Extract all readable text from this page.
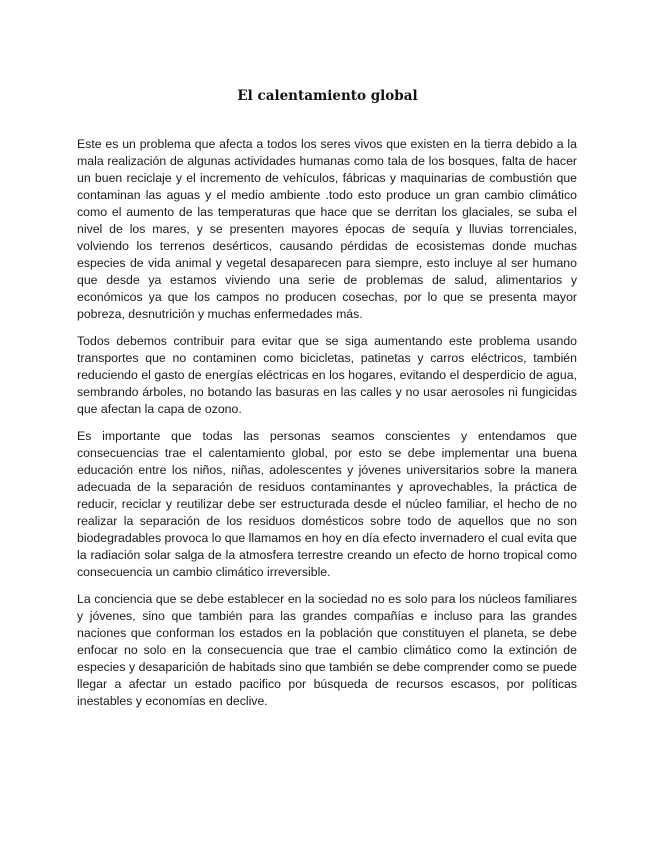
El calentamiento global

Este es un problema que afecta a todos los seres vivos que existen en la tierra debido a la mala realización de algunas actividades humanas como tala de los bosques, falta de hacer un buen reciclaje y el incremento de vehículos, fábricas y maquinarias de combustión que contaminan las aguas y el medio ambiente .todo esto produce un gran cambio climático como el aumento de las temperaturas que hace que se derritan los glaciales, se suba el nivel de los mares, y se presenten mayores épocas de sequía y lluvias torrenciales, volviendo los terrenos desérticos, causando pérdidas de ecosistemas donde muchas especies de vida animal y vegetal desaparecen para siempre, esto incluye al ser humano que desde ya estamos viviendo una serie de problemas de salud, alimentarios y económicos ya que los campos no producen cosechas, por lo que se presenta mayor pobreza, desnutrición y muchas enfermedades más.

Todos debemos contribuir para evitar que se siga aumentando este problema usando transportes que no contaminen como bicicletas, patinetas y carros eléctricos, también reduciendo el gasto de energías eléctricas en los hogares, evitando el desperdicio de agua, sembrando árboles, no botando las basuras en las calles y no usar aerosoles ni fungicidas que afectan la capa de ozono.

Es importante que todas las personas seamos conscientes y entendamos que consecuencias trae el calentamiento global, por esto se debe implementar una buena educación entre los niños, niñas, adolescentes y jóvenes universitarios sobre la manera adecuada de la separación de residuos contaminantes y aprovechables, la práctica de reducir, reciclar y reutilizar debe ser estructurada desde el núcleo familiar, el hecho de no realizar la separación de los residuos domésticos sobre todo de aquellos que no son biodegradables provoca lo que llamamos en hoy en día efecto invernadero el cual evita que la radiación solar salga de la atmosfera terrestre creando un efecto de horno tropical como consecuencia un cambio climático irreversible.

La conciencia que se debe establecer en la sociedad no es solo para los núcleos familiares y jóvenes, sino que también para las grandes compañías e incluso para las grandes naciones que conforman los estados en la población que constituyen el planeta, se debe enfocar no solo en la consecuencia que trae el cambio climático como la extinción de especies y desaparición de habitads sino que también se debe comprender como se puede llegar a afectar un estado pacifico por búsqueda de recursos escasos, por políticas inestables y economías en declive.
